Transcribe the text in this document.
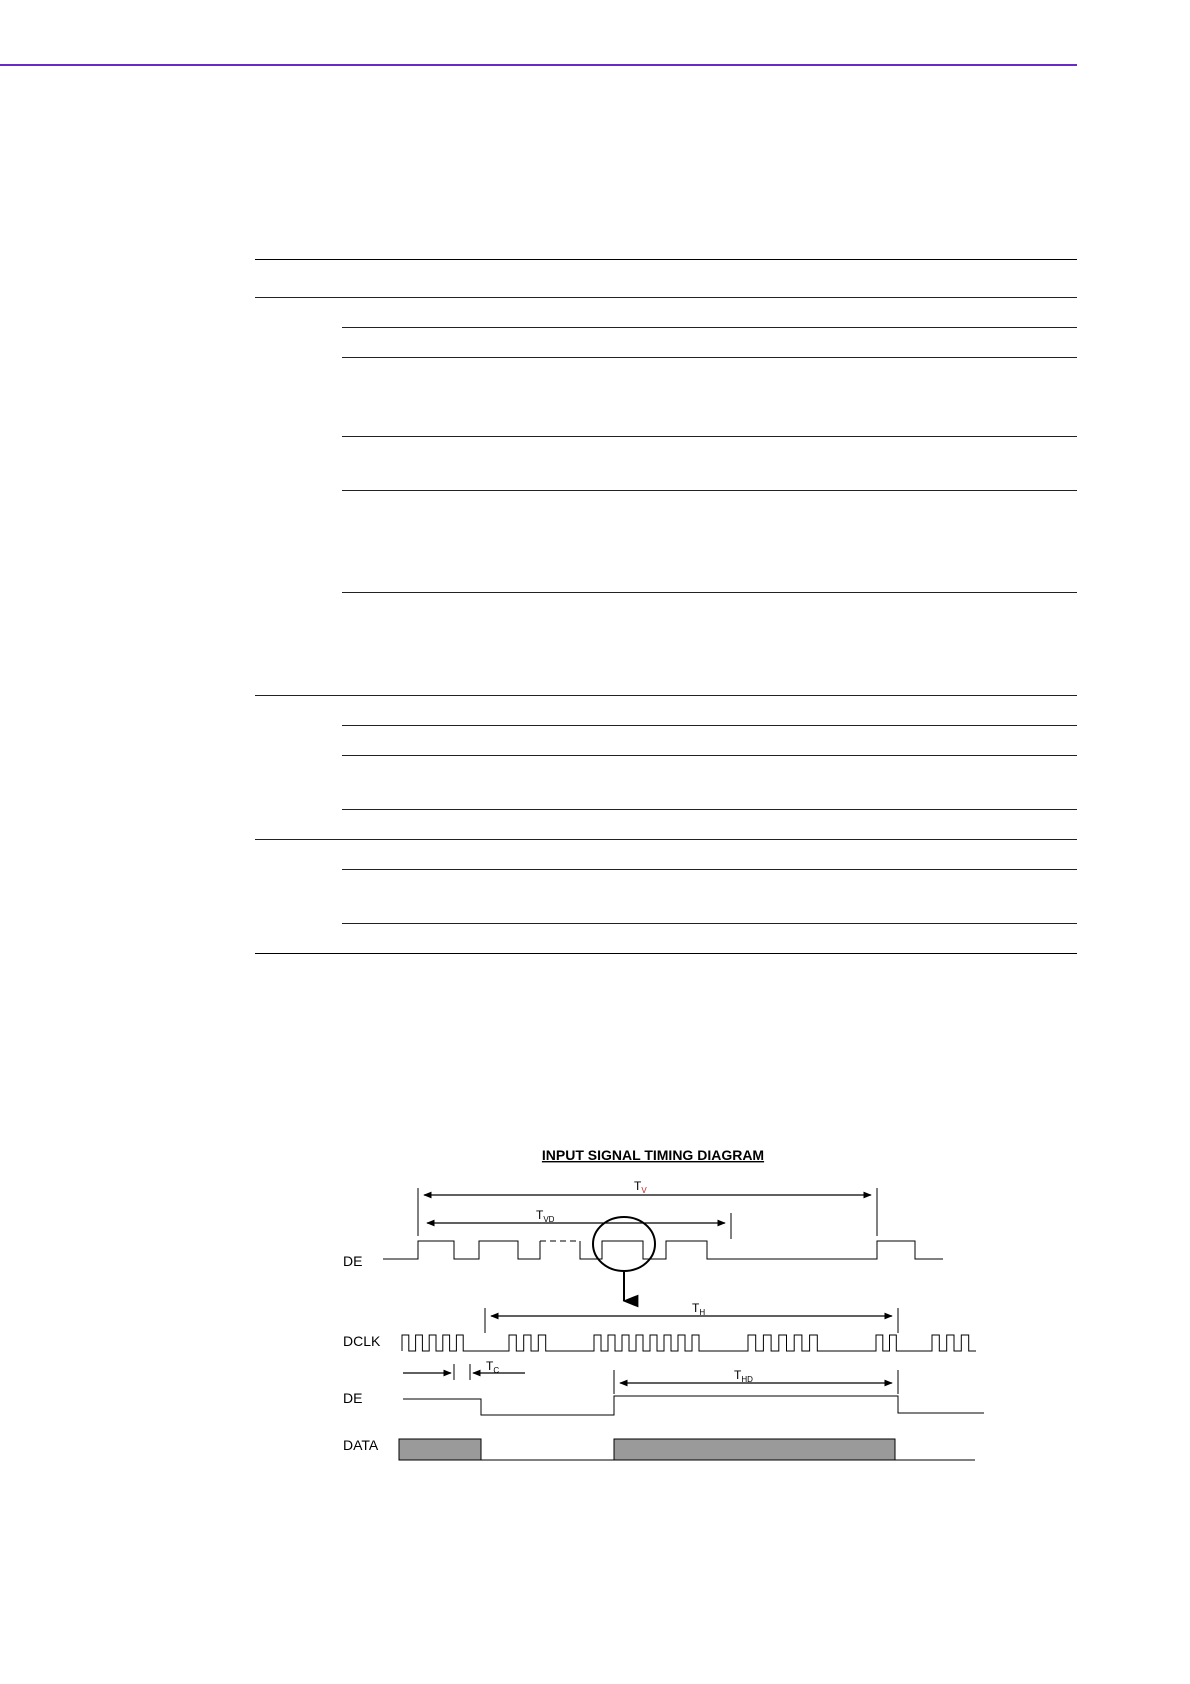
INPUT SIGNAL TIMING DIAGRAM
DE
DCLK
DE
DATA
$T_V$
$T_{VD}$
$T_H$
$T_C$	$T_{HD}$
